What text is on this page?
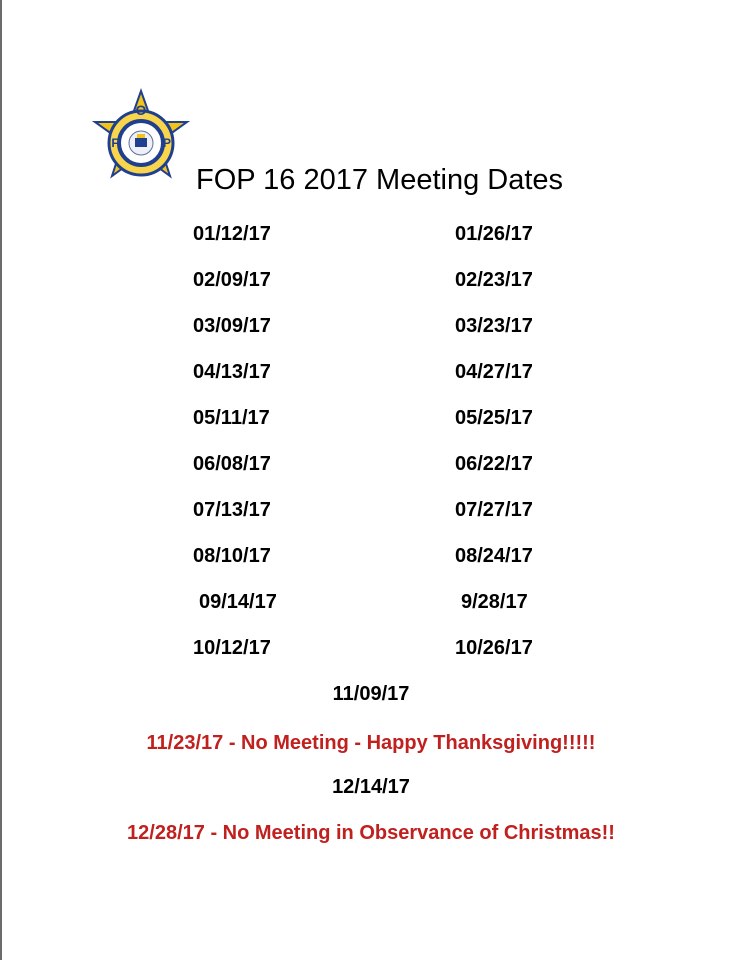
O
F	P
FOP 16 2017 Meeting Dates
01/12/17	01/26/17
02/09/17	02/23/17
03/09/17	03/23/17
04/13/17	04/27/17
05/11/17	05/25/17
06/08/17	06/22/17
07/13/17	07/27/17
08/10/17	08/24/17
09/14/17	9/28/17
10/12/17	10/26/17
11/09/17
11/23/17 - No Meeting - Happy Thanksgiving!!!!!
12/14/17
12/28/17 - No Meeting in Observance of Christmas!!
